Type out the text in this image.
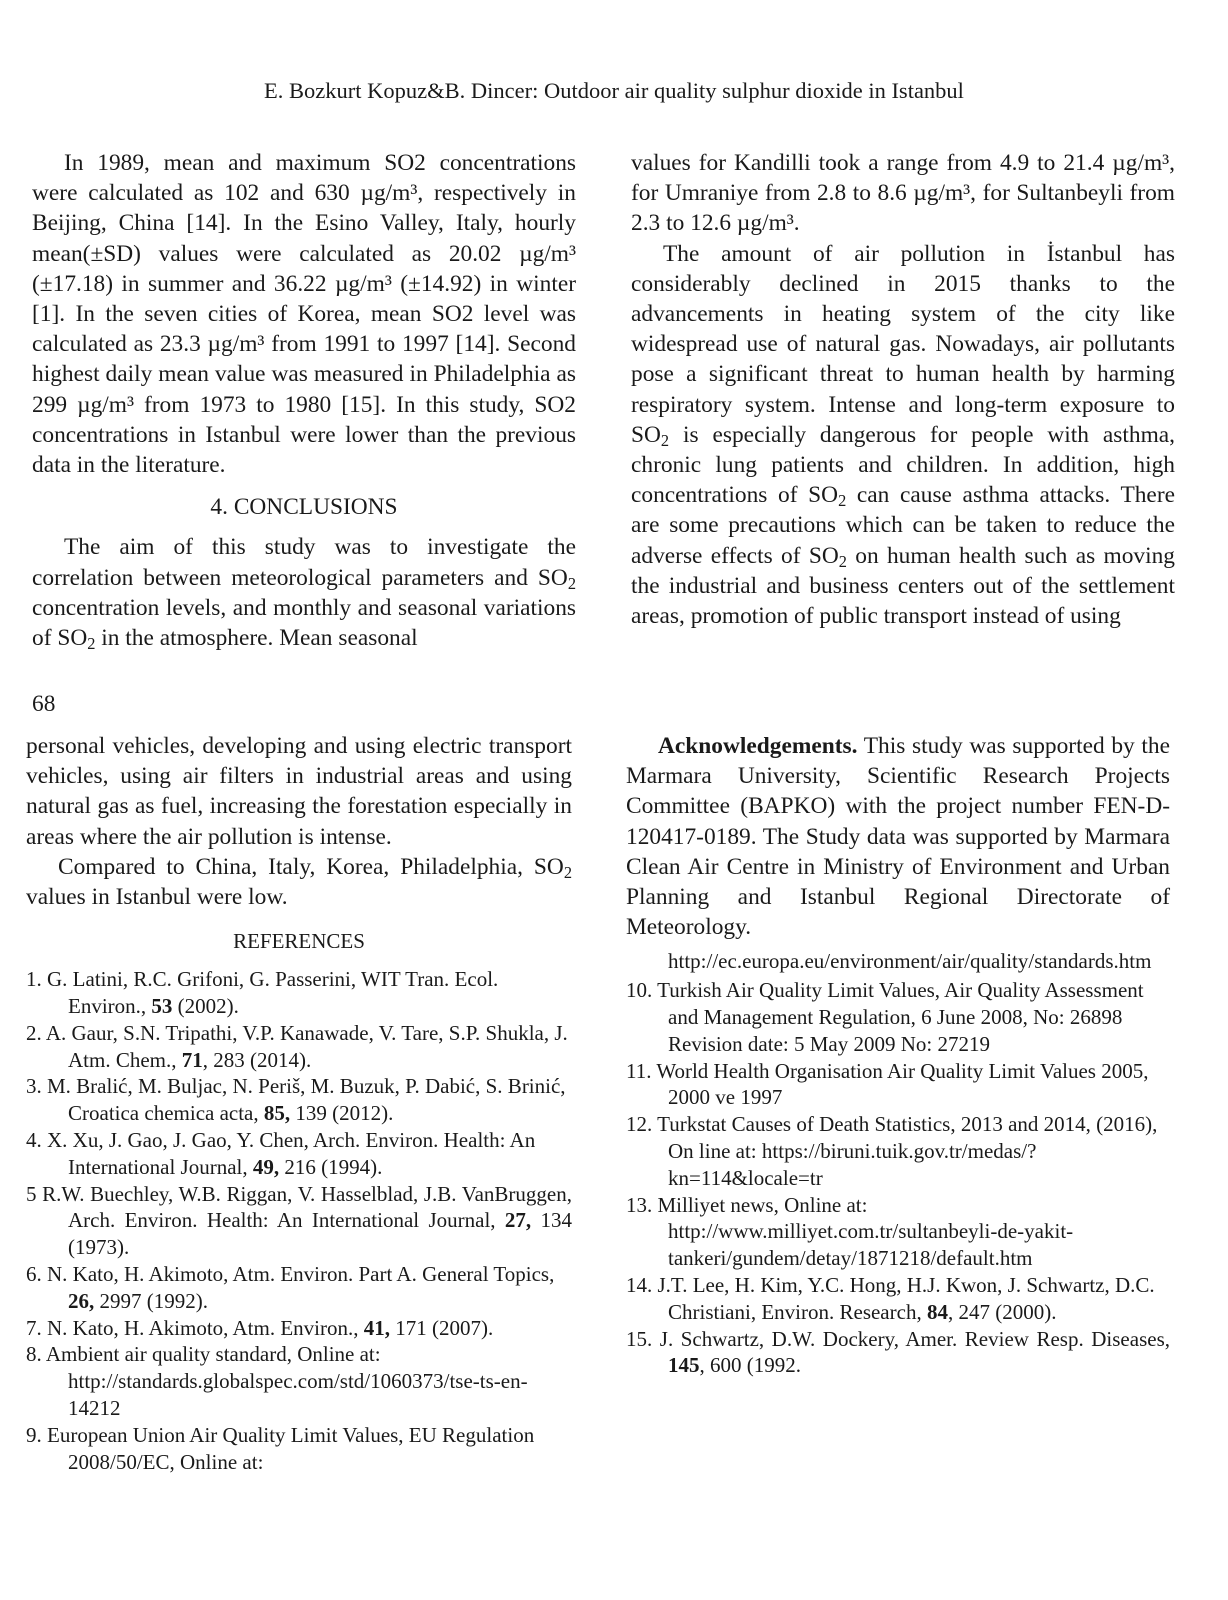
E. Bozkurt Kopuz&B. Dincer: Outdoor air quality sulphur dioxide in Istanbul

In 1989, mean and maximum SO2 concentrations were calculated as 102 and 630 µg/m³, respectively in Beijing, China [14]. In the Esino Valley, Italy, hourly mean(±SD) values were calculated as 20.02 µg/m³ (±17.18) in summer and 36.22 µg/m³ (±14.92) in winter [1]. In the seven cities of Korea, mean SO2 level was calculated as 23.3 µg/m³ from 1991 to 1997 [14]. Second highest daily mean value was measured in Philadelphia as 299 µg/m³ from 1973 to 1980 [15]. In this study, SO2 concentrations in Istanbul were lower than the previous data in the literature.

4. CONCLUSIONS

The aim of this study was to investigate the correlation between meteorological parameters and $SO_2$ concentration levels, and monthly and seasonal variations of $SO_2$ in the atmosphere. Mean seasonal

68

values for Kandilli took a range from 4.9 to 21.4 µg/m³, for Umraniye from 2.8 to 8.6 µg/m³, for Sultanbeyli from 2.3 to 12.6 µg/m³.

The amount of air pollution in İstanbul has considerably declined in 2015 thanks to the advancements in heating system of the city like widespread use of natural gas. Nowadays, air pollutants pose a significant threat to human health by harming respiratory system. Intense and long-term exposure to $SO_2$ is especially dangerous for people with asthma, chronic lung patients and children. In addition, high concentrations of $SO_2$ can cause asthma attacks. There are some precautions which can be taken to reduce the adverse effects of $SO_2$ on human health such as moving the industrial and business centers out of the settlement areas, promotion of public transport instead of using

personal vehicles, developing and using electric transport vehicles, using air filters in industrial areas and using natural gas as fuel, increasing the forestation especially in areas where the air pollution is intense.

Compared to China, Italy, Korea, Philadelphia, $SO_2$ values in Istanbul were low.

REFERENCES

1. G. Latini, R.C. Grifoni, G. Passerini, WIT Tran. Ecol. Environ., 53 (2002).

2. A. Gaur, S.N. Tripathi, V.P. Kanawade, V. Tare, S.P. Shukla, J. Atm. Chem., 71, 283 (2014).

3. M. Bralić, M. Buljac, N. Periš, M. Buzuk, P. Dabić, S. Brinić, Croatica chemica acta, 85, 139 (2012).

4. X. Xu, J. Gao, J. Gao, Y. Chen, Arch. Environ. Health: An International Journal, 49, 216 (1994).

5 R.W. Buechley, W.B. Riggan, V. Hasselblad, J.B. VanBruggen, Arch. Environ. Health: An International Journal, 27, 134 (1973).

6. N. Kato, H. Akimoto, Atm. Environ. Part A. General Topics, 26, 2997 (1992).

7. N. Kato, H. Akimoto, Atm. Environ., 41, 171 (2007).

8. Ambient air quality standard, Online at: http://standards.globalspec.com/std/1060373/tse-ts-en-14212

9. European Union Air Quality Limit Values, EU Regulation 2008/50/EC, Online at:

Acknowledgements. This study was supported by the Marmara University, Scientific Research Projects Committee (BAPKO) with the project number FEN-D-120417-0189. The Study data was supported by Marmara Clean Air Centre in Ministry of Environment and Urban Planning and Istanbul Regional Directorate of Meteorology.

http://ec.europa.eu/environment/air/quality/standards.htm

10. Turkish Air Quality Limit Values, Air Quality Assessment and Management Regulation, 6 June 2008, No: 26898 Revision date: 5 May 2009 No: 27219

11. World Health Organisation Air Quality Limit Values 2005, 2000 ve 1997

12. Turkstat Causes of Death Statistics, 2013 and 2014, (2016), On line at: https://biruni.tuik.gov.tr/medas/?kn=114&locale=tr

13. Milliyet news, Online at: http://www.milliyet.com.tr/sultanbeyli-de-yakit-tankeri/gundem/detay/1871218/default.htm

14. J.T. Lee, H. Kim, Y.C. Hong, H.J. Kwon, J. Schwartz, D.C. Christiani, Environ. Research, 84, 247 (2000).

15. J. Schwartz, D.W. Dockery, Amer. Review Resp. Diseases, 145, 600 (1992.
